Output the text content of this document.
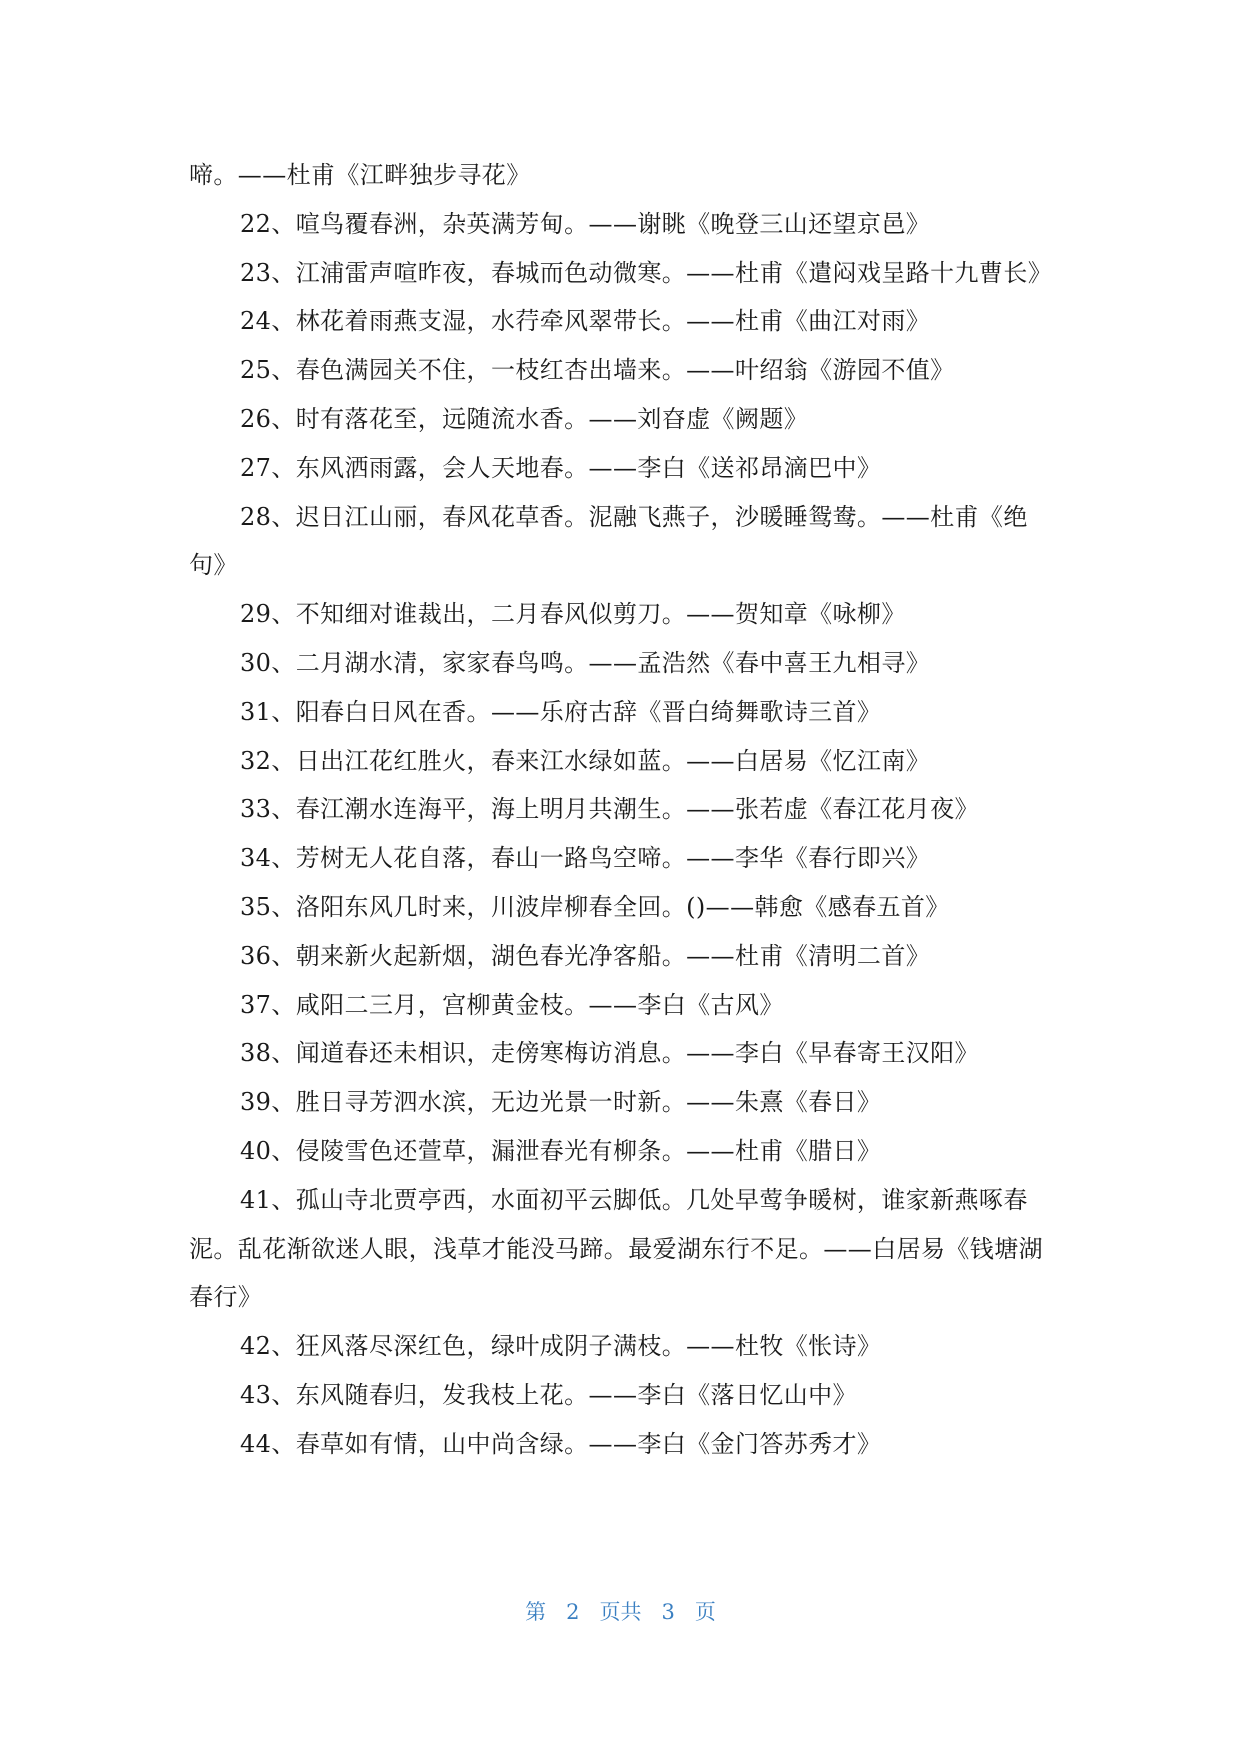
啼。——杜甫《江畔独步寻花》

22、喧鸟覆春洲，杂英满芳甸。——谢眺《晚登三山还望京邑》

23、江浦雷声喧昨夜，春城而色动微寒。——杜甫《遣闷戏呈路十九曹长》

24、林花着雨燕支湿，水荇牵风翠带长。——杜甫《曲江对雨》

25、春色满园关不住，一枝红杏出墙来。——叶绍翁《游园不值》

26、时有落花至，远随流水香。——刘昚虚《阙题》

27、东风洒雨露，会人天地春。——李白《送祁昂滴巴中》

28、迟日江山丽，春风花草香。泥融飞燕子，沙暖睡鸳鸯。——杜甫《绝句》

29、不知细对谁裁出，二月春风似剪刀。——贺知章《咏柳》

30、二月湖水清，家家春鸟鸣。——孟浩然《春中喜王九相寻》

31、阳春白日风在香。——乐府古辞《晋白绮舞歌诗三首》

32、日出江花红胜火，春来江水绿如蓝。——白居易《忆江南》

33、春江潮水连海平，海上明月共潮生。——张若虚《春江花月夜》

34、芳树无人花自落，春山一路鸟空啼。——李华《春行即兴》

35、洛阳东风几时来，川波岸柳春全回。()——韩愈《感春五首》

36、朝来新火起新烟，湖色春光净客船。——杜甫《清明二首》

37、咸阳二三月，宫柳黄金枝。——李白《古风》

38、闻道春还未相识，走傍寒梅访消息。——李白《早春寄王汉阳》

39、胜日寻芳泗水滨，无边光景一时新。——朱熹《春日》

40、侵陵雪色还萱草，漏泄春光有柳条。——杜甫《腊日》

41、孤山寺北贾亭西，水面初平云脚低。几处早莺争暖树，谁家新燕啄春泥。乱花渐欲迷人眼，浅草才能没马蹄。最爱湖东行不足。——白居易《钱塘湖春行》

42、狂风落尽深红色，绿叶成阴子满枝。——杜牧《怅诗》

43、东风随春归，发我枝上花。——李白《落日忆山中》

44、春草如有情，山中尚含绿。——李白《金门答苏秀才》

第 2 页共 3 页
